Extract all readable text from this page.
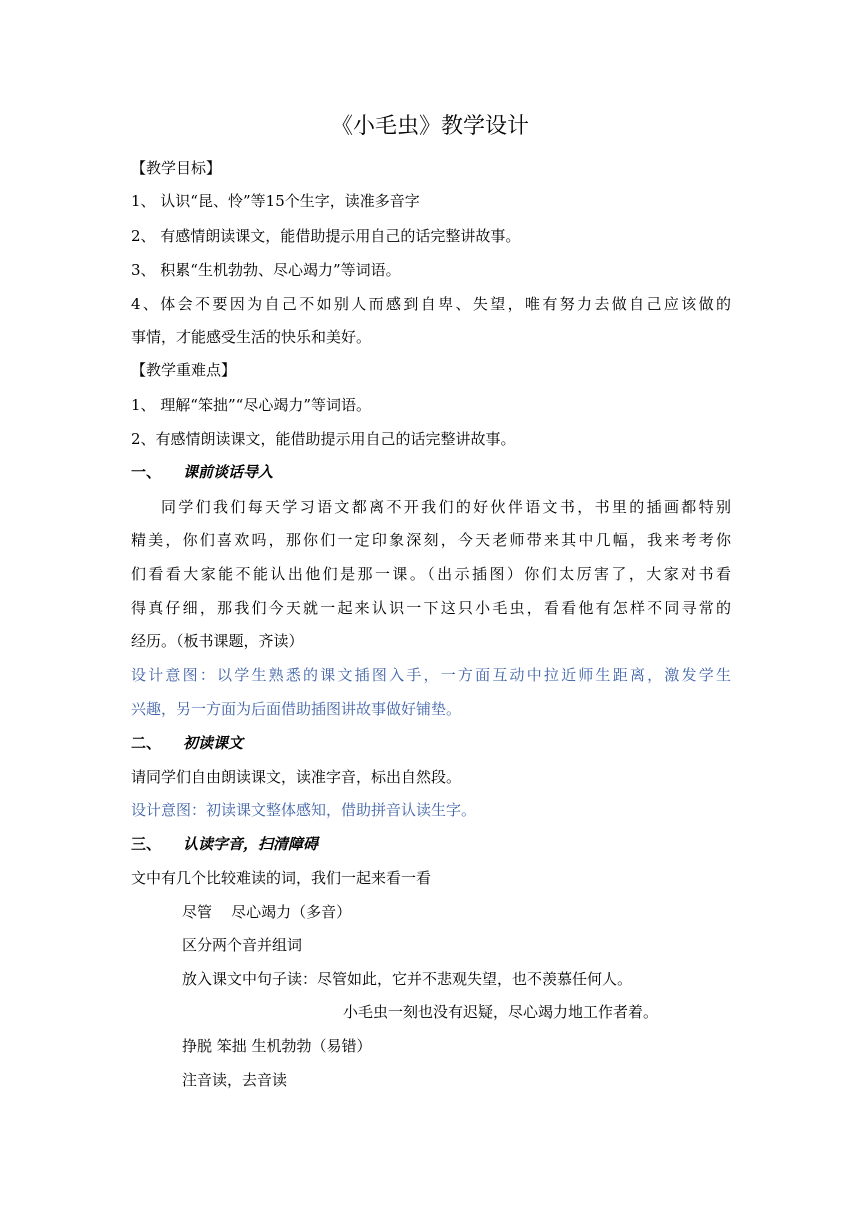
《小毛虫》教学设计
【教学目标】
1、 认识“昆、怜”等15个生字，读准多音字
2、 有感情朗读课文，能借助提示用自己的话完整讲故事。
3、 积累“生机勃勃、尽心竭力”等词语。
4、体会不要因为自己不如别人而感到自卑、失望，唯有努力去做自己应该做的
事情，才能感受生活的快乐和美好。
【教学重难点】
1、 理解“笨拙”“尽心竭力”等词语。
2、有感情朗读课文，能借助提示用自己的话完整讲故事。
一、 课前谈话导入
同学们我们每天学习语文都离不开我们的好伙伴语文书，书里的插画都特别
精美，你们喜欢吗，那你们一定印象深刻，今天老师带来其中几幅，我来考考你
们看看大家能不能认出他们是那一课。（出示插图）你们太厉害了，大家对书看
得真仔细，那我们今天就一起来认识一下这只小毛虫，看看他有怎样不同寻常的
经历。（板书课题，齐读）
设计意图：以学生熟悉的课文插图入手，一方面互动中拉近师生距离，激发学生
兴趣，另一方面为后面借助插图讲故事做好铺垫。
二、 初读课文
请同学们自由朗读课文，读准字音，标出自然段。
设计意图：初读课文整体感知，借助拼音认读生字。
三、 认读字音，扫清障碍
文中有几个比较难读的词，我们一起来看一看
尽管    尽心竭力（多音）
区分两个音并组词
放入课文中句子读：尽管如此，它并不悲观失望，也不羡慕任何人。
小毛虫一刻也没有迟疑，尽心竭力地工作者着。
挣脱 笨拙 生机勃勃（易错）
注音读，去音读
